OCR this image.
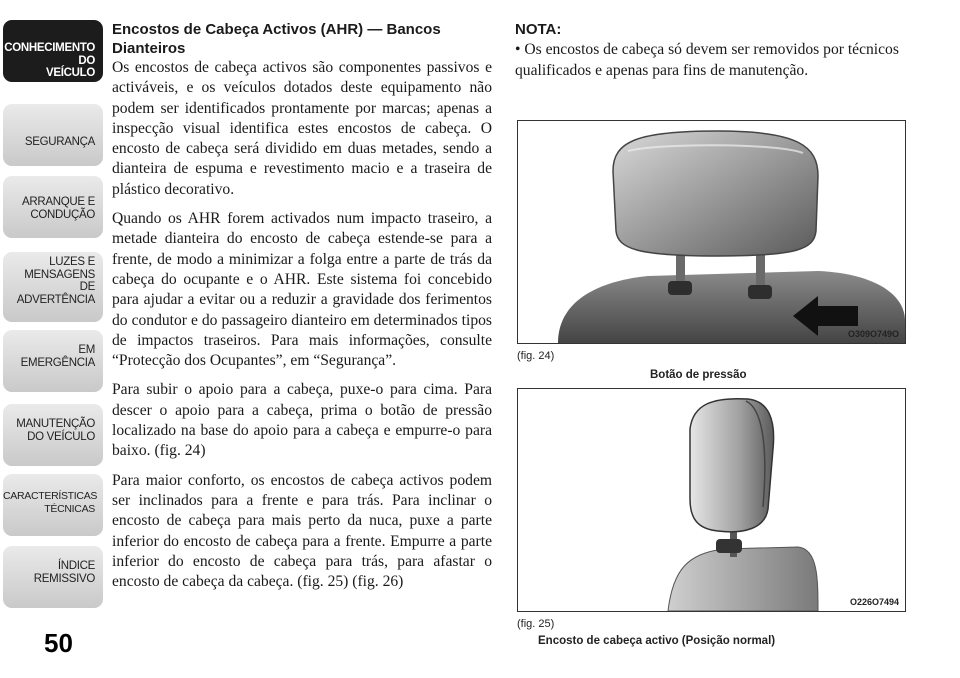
CONHECIMENTO
DO
VEÍCULO
SEGURANÇA
ARRANQUE E
CONDUÇÃO
LUZES E
MENSAGENS
DE
ADVERTÊNCIA
EM
EMERGÊNCIA
MANUTENÇÃO
DO VEÍCULO
CARACTERÍSTICAS
TÉCNICAS
ÍNDICE
REMISSIVO
50

Encostos de Cabeça Activos (AHR) — Bancos Dianteiros

Os encostos de cabeça activos são componentes passivos e activáveis, e os veículos dotados deste equipamento não podem ser identificados prontamente por marcas; apenas a inspecção visual identifica estes encostos de cabeça. O encosto de cabeça será dividido em duas metades, sendo a dianteira de espuma e revestimento macio e a traseira de plástico decorativo.

Quando os AHR forem activados num impacto traseiro, a metade dianteira do encosto de cabeça estende-se para a frente, de modo a minimizar a folga entre a parte de trás da cabeça do ocupante e o AHR. Este sistema foi concebido para ajudar a evitar ou a reduzir a gravidade dos ferimentos do condutor e do passageiro dianteiro em determinados tipos de impactos traseiros. Para mais informações, consulte “Protecção dos Ocupantes”, em “Segurança”.

Para subir o apoio para a cabeça, puxe-o para cima. Para descer o apoio para a cabeça, prima o botão de pressão localizado na base do apoio para a cabeça e empurre-o para baixo. (fig. 24)

Para maior conforto, os encostos de cabeça activos podem ser inclinados para a frente e para trás. Para inclinar o encosto de cabeça para mais perto da nuca, puxe a parte inferior do encosto de cabeça para a frente. Empurre a parte inferior do encosto de cabeça para trás, para afastar o encosto de cabeça da cabeça. (fig. 25) (fig. 26)

NOTA:

• Os encostos de cabeça só devem ser removidos por técnicos qualificados e apenas para fins de manutenção.

O309O749O
(fig. 24)
Botão de pressão
O226O7494
(fig. 25)
Encosto de cabeça activo (Posição normal)
